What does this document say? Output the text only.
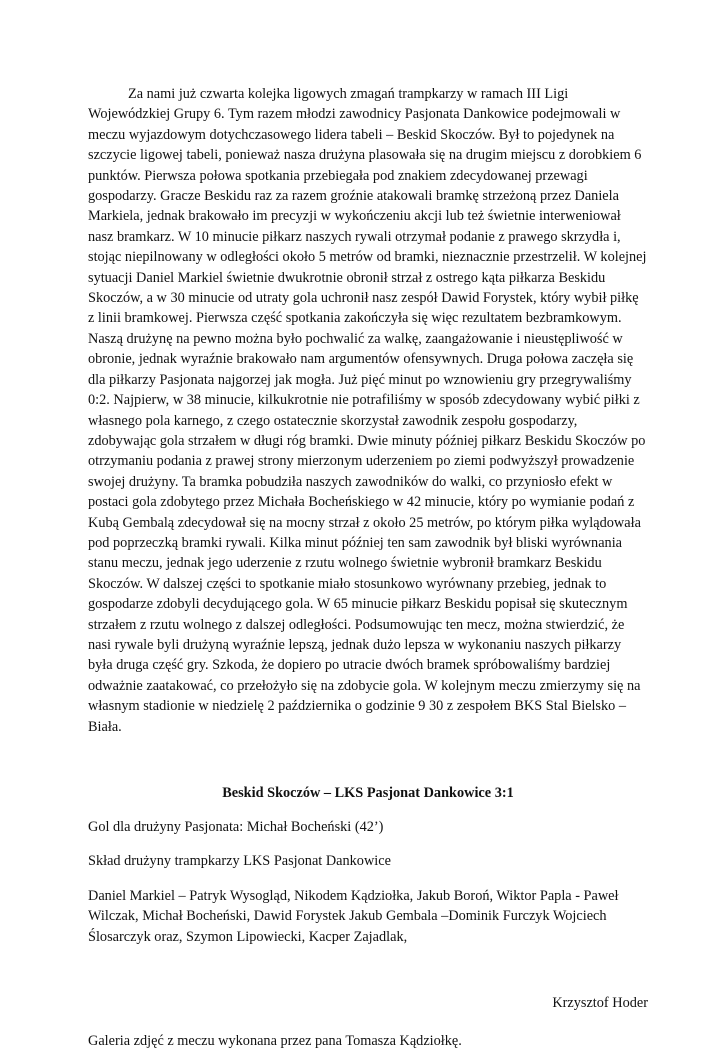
Za nami już czwarta kolejka ligowych zmagań trampkarzy w ramach III Ligi Wojewódzkiej Grupy 6. Tym razem młodzi zawodnicy Pasjonata Dankowice podejmowali w meczu wyjazdowym dotychczasowego lidera tabeli – Beskid Skoczów. Był to pojedynek na szczycie ligowej tabeli, ponieważ nasza drużyna plasowała się na drugim miejscu z dorobkiem 6 punktów. Pierwsza połowa spotkania przebiegała pod znakiem zdecydowanej przewagi gospodarzy. Gracze Beskidu raz za razem groźnie atakowali bramkę strzeżoną przez Daniela Markiela, jednak brakowało im precyzji w wykończeniu akcji lub też świetnie interweniował nasz bramkarz. W 10 minucie piłkarz naszych rywali otrzymał podanie z prawego skrzydła i, stojąc niepilnowany w odległości około 5 metrów od bramki, nieznacznie przestrzelił. W kolejnej sytuacji Daniel Markiel świetnie dwukrotnie obronił strzał z ostrego kąta piłkarza Beskidu Skoczów, a w 30 minucie od utraty gola uchronił nasz zespół Dawid Forystek, który wybił piłkę z linii bramkowej. Pierwsza część spotkania zakończyła się więc rezultatem bezbramkowym. Naszą drużynę na pewno można było pochwalić za walkę, zaangażowanie i nieustępliwość w obronie, jednak wyraźnie brakowało nam argumentów ofensywnych. Druga połowa zaczęła się dla piłkarzy Pasjonata najgorzej jak mogła. Już pięć minut po wznowieniu gry przegrywaliśmy 0:2. Najpierw, w 38 minucie, kilkukrotnie nie potrafiliśmy w sposób zdecydowany wybić piłki z własnego pola karnego, z czego ostatecznie skorzystał zawodnik zespołu gospodarzy, zdobywając gola strzałem w długi róg bramki. Dwie minuty później piłkarz Beskidu Skoczów po otrzymaniu podania z prawej strony mierzonym uderzeniem po ziemi podwyższył prowadzenie swojej drużyny. Ta bramka pobudziła naszych zawodników do walki, co przyniosło efekt w postaci gola zdobytego przez Michała Bocheńskiego w 42 minucie, który po wymianie podań z Kubą Gembalą zdecydował się na mocny strzał z około 25 metrów, po którym piłka wylądowała pod poprzeczką bramki rywali. Kilka minut później ten sam zawodnik był bliski wyrównania stanu meczu, jednak jego uderzenie z rzutu wolnego świetnie wybronił bramkarz Beskidu Skoczów. W dalszej części to spotkanie miało stosunkowo wyrównany przebieg, jednak to gospodarze zdobyli decydującego gola. W 65 minucie piłkarz Beskidu popisał się skutecznym strzałem z rzutu wolnego z dalszej odległości. Podsumowując ten mecz, można stwierdzić, że nasi rywale byli drużyną wyraźnie lepszą, jednak dużo lepsza w wykonaniu naszych piłkarzy była druga część gry. Szkoda, że dopiero po utracie dwóch bramek spróbowaliśmy bardziej odważnie zaatakować, co przełożyło się na zdobycie gola. W kolejnym meczu zmierzymy się na własnym stadionie w niedzielę 2 października o godzinie 9 30 z zespołem BKS Stal Bielsko – Biała.

Beskid Skoczów – LKS Pasjonat Dankowice 3:1

Gol dla drużyny Pasjonata: Michał Bocheński (42’)

Skład drużyny trampkarzy LKS Pasjonat Dankowice

Daniel Markiel – Patryk Wysogląd, Nikodem Kądziołka, Jakub Boroń, Wiktor Papla - Paweł Wilczak, Michał Bocheński, Dawid Forystek Jakub Gembala –Dominik Furczyk Wojciech Ślosarczyk oraz, Szymon Lipowiecki, Kacper Zajadlak,

Krzysztof Hoder

Galeria zdjęć z meczu wykonana przez pana Tomasza Kądziołkę.
